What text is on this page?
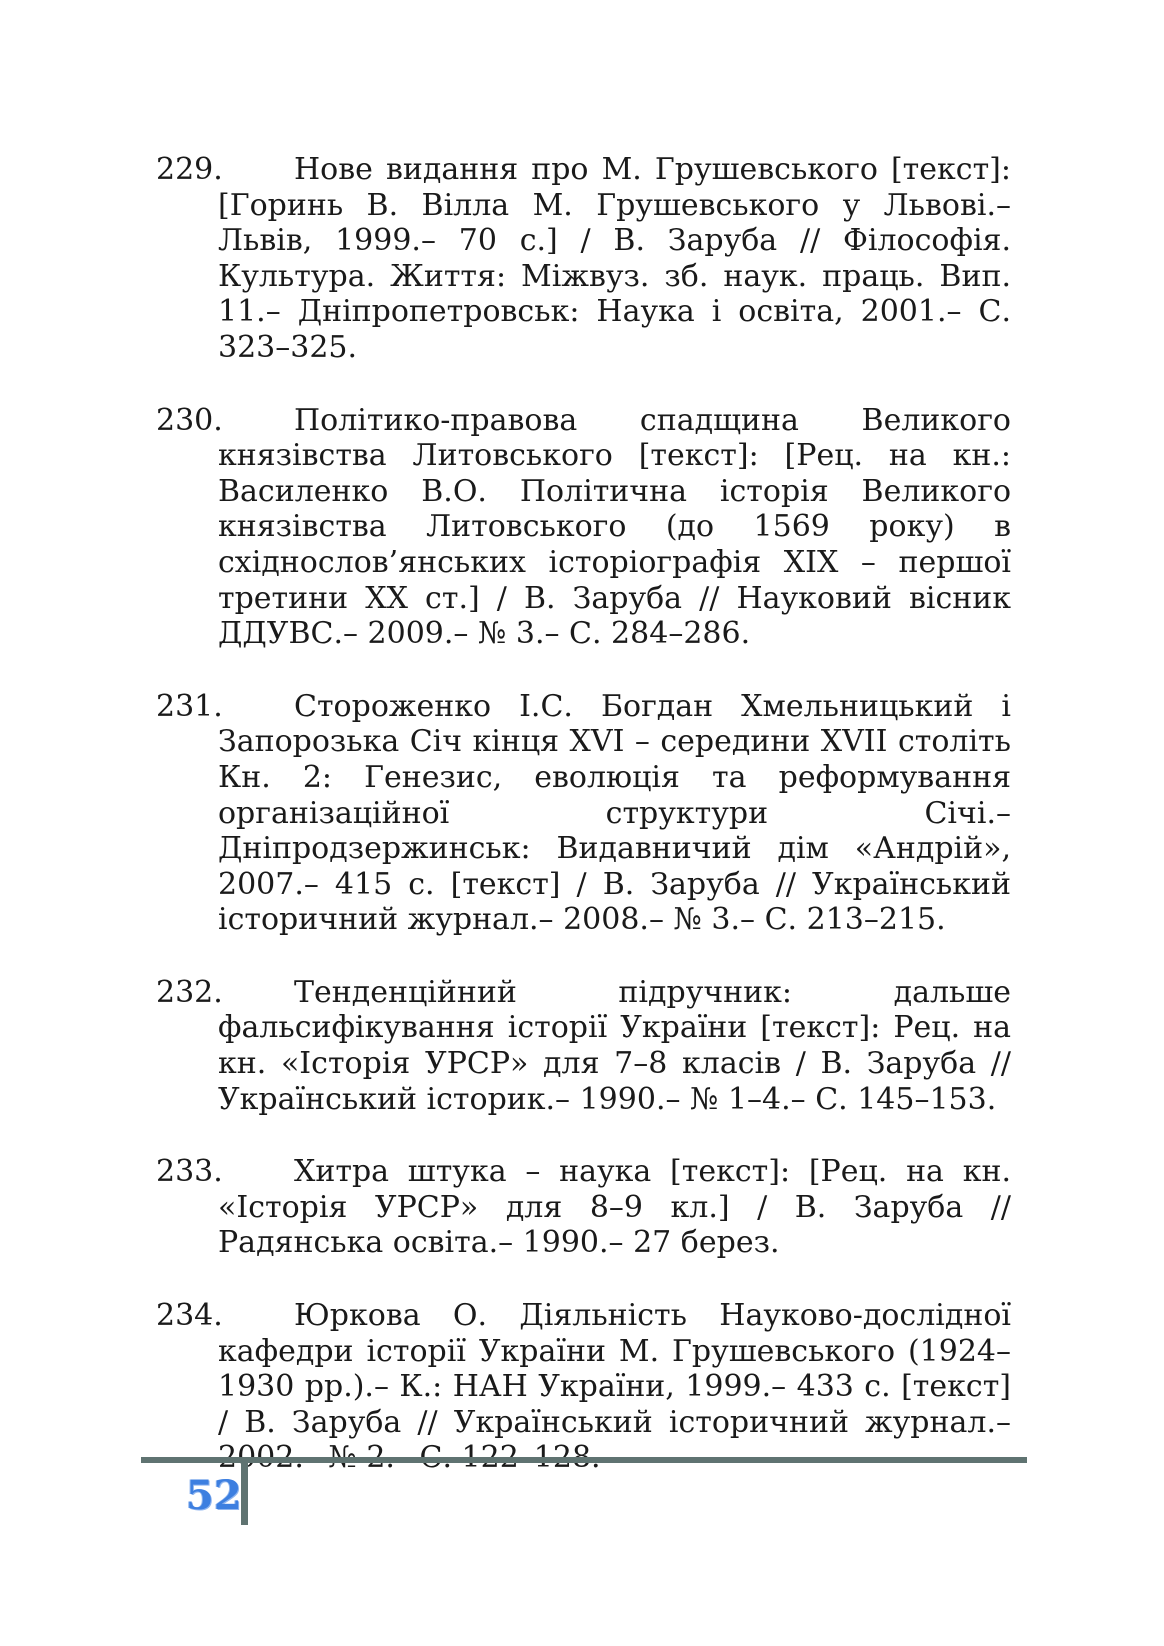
229.	Нове видання про М. Грушевського [текст]: [Горинь В. Вілла М. Грушевського у Львові.– Львів, 1999.– 70 с.] / В. Заруба // Філософія. Культура. Життя: Міжвуз. зб. наук. праць. Вип. 11.– Дніпропетровськ: Наука і освіта, 2001.– С. 323–325.
230.	Політико-правова спадщина Великого князівства Литовського [текст]: [Рец. на кн.: Василенко В.О. Політична історія Великого князівства Литовського (до 1569 року) в східнослов’янських історіографія XIX – першої третини XX ст.] / В. Заруба // Науковий вісник ДДУВС.– 2009.– № 3.– С. 284–286.
231.	Стороженко І.С. Богдан Хмельницький і Запорозька Січ кінця XVI – середини XVII століть Кн. 2: Генезис, еволюція та реформування організаційної структури Січі.– Дніпродзержинськ: Видавничий дім «Андрій», 2007.– 415 с. [текст] / В. Заруба // Український історичний журнал.– 2008.– № 3.– С. 213–215.
232.	Тенденційний підручник: дальше фальсифікування історії України [текст]: Рец. на кн. «Історія УРСР» для 7–8 класів / В. Заруба // Український історик.– 1990.– № 1–4.– С. 145–153.
233.	Хитра штука – наука [текст]: [Рец. на кн. «Історія УРСР» для 8–9 кл.] / В. Заруба // Радянська освіта.– 1990.– 27 берез.
234.	Юркова О. Діяльність Науково-дослідної кафедри історії України М. Грушевського (1924–1930 рр.).– К.: НАН України, 1999.– 433 с. [текст] / В. Заруба // Український історичний журнал.–
52
